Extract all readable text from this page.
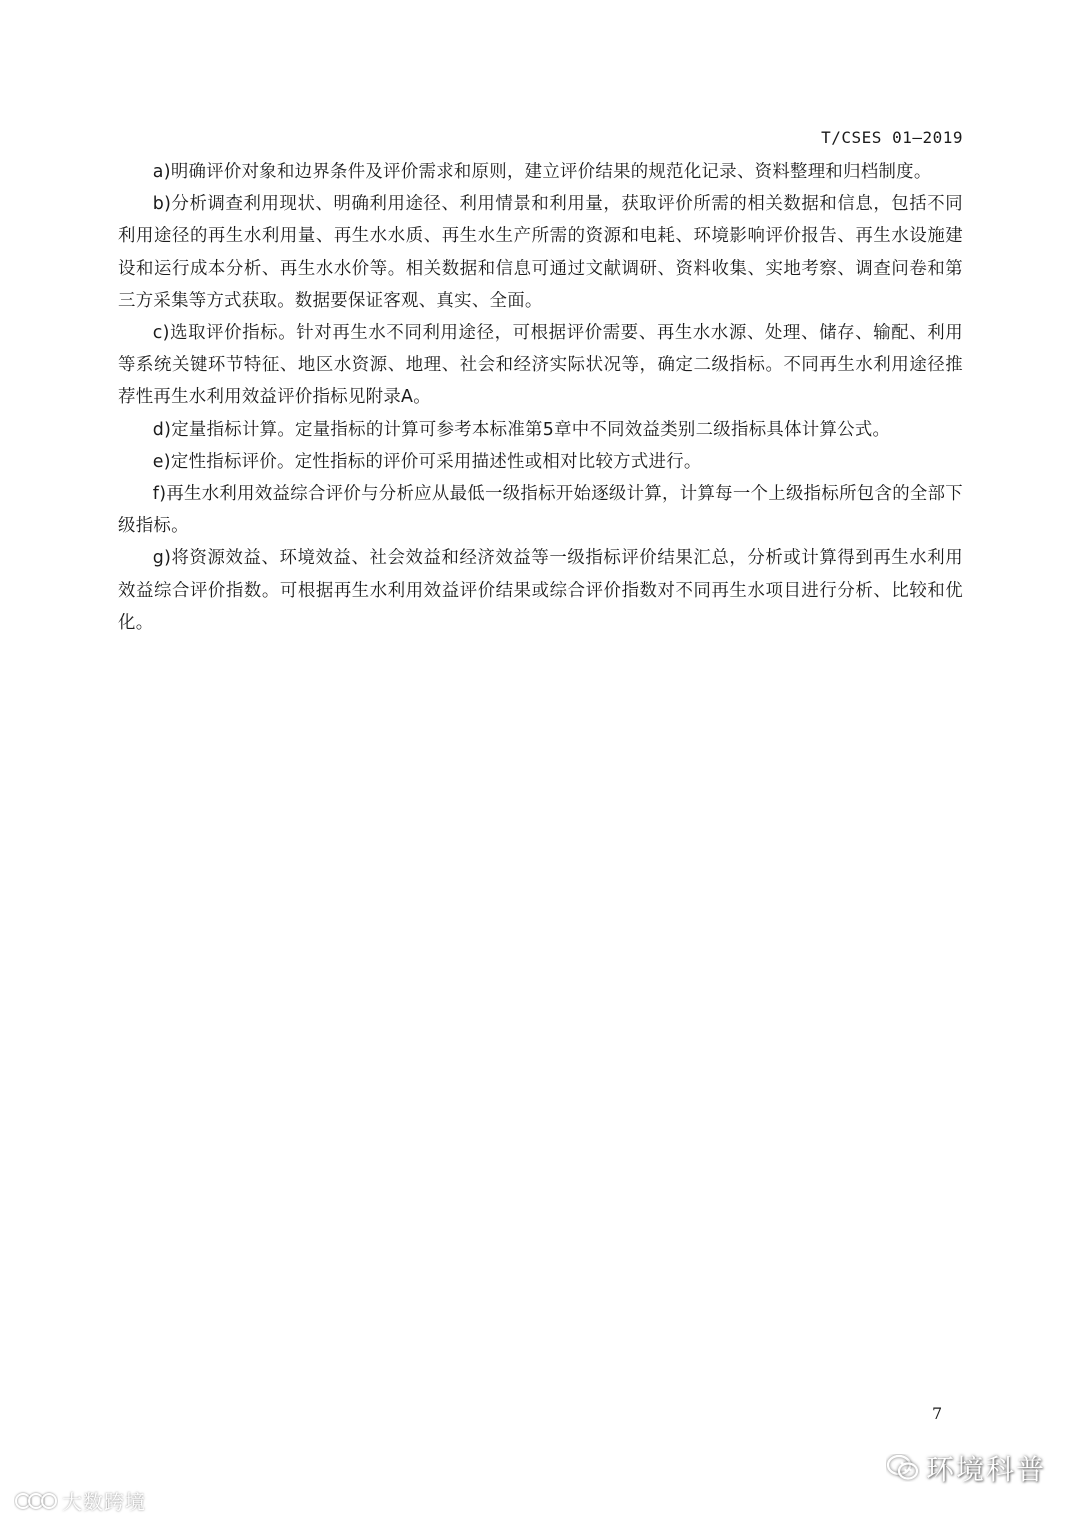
T/CSES 01—2019

a)明确评价对象和边界条件及评价需求和原则，建立评价结果的规范化记录、资料整理和归档制度。

b)分析调查利用现状、明确利用途径、利用情景和利用量，获取评价所需的相关数据和信息，包括不同利用途径的再生水利用量、再生水水质、再生水生产所需的资源和电耗、环境影响评价报告、再生水设施建设和运行成本分析、再生水水价等。相关数据和信息可通过文献调研、资料收集、实地考察、调查问卷和第三方采集等方式获取。数据要保证客观、真实、全面。

c)选取评价指标。针对再生水不同利用途径，可根据评价需要、再生水水源、处理、储存、输配、利用等系统关键环节特征、地区水资源、地理、社会和经济实际状况等，确定二级指标。不同再生水利用途径推荐性再生水利用效益评价指标见附录A。

d)定量指标计算。定量指标的计算可参考本标准第5章中不同效益类别二级指标具体计算公式。

e)定性指标评价。定性指标的评价可采用描述性或相对比较方式进行。

f)再生水利用效益综合评价与分析应从最低一级指标开始逐级计算，计算每一个上级指标所包含的全部下级指标。

g)将资源效益、环境效益、社会效益和经济效益等一级指标评价结果汇总，分析或计算得到再生水利用效益综合评价指数。可根据再生水利用效益评价结果或综合评价指数对不同再生水项目进行分析、比较和优化。

7
环境科普
大数跨境
